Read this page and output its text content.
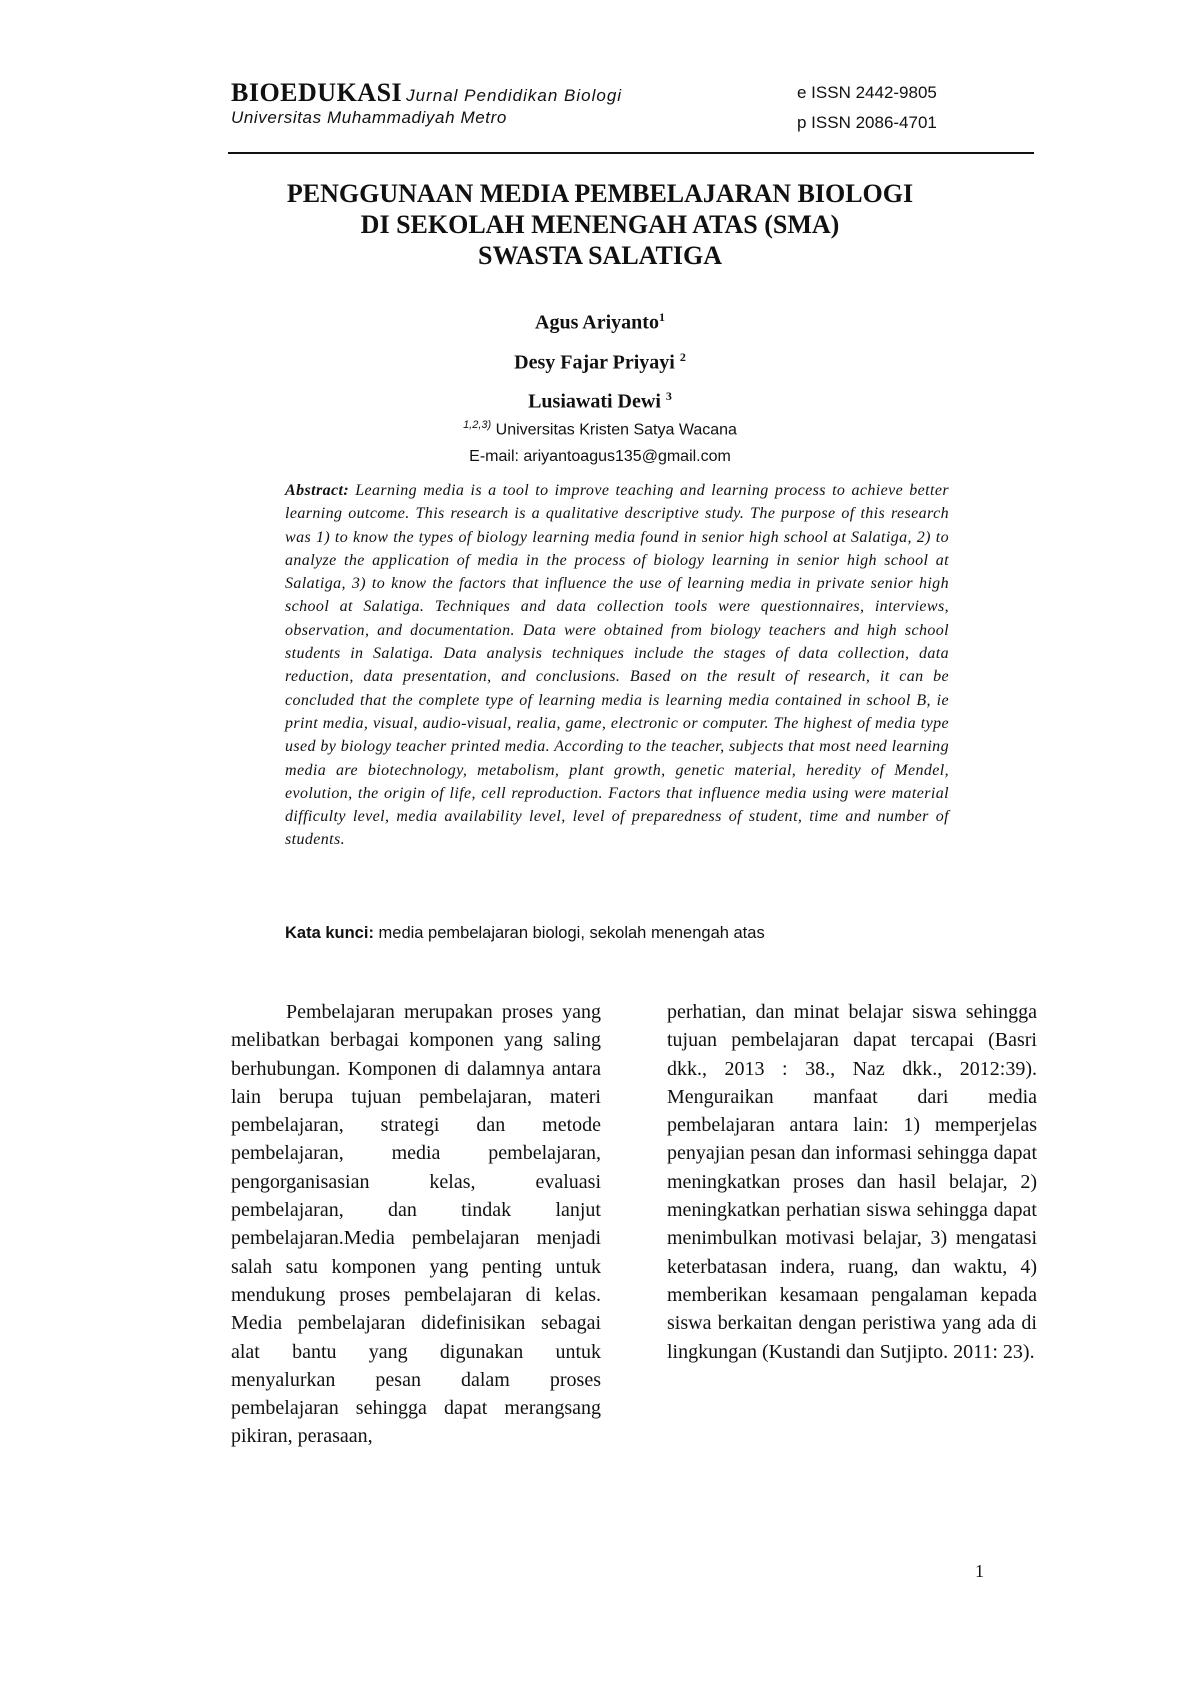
BIOEDUKASI Jurnal Pendidikan Biologi	e ISSN 2442-9805
Universitas Muhammadiyah Metro	p ISSN 2086-4701
PENGGUNAAN MEDIA PEMBELAJARAN BIOLOGI
DI SEKOLAH MENENGAH ATAS (SMA)
SWASTA SALATIGA
Agus Ariyanto$^1$
Desy Fajar Priyayi $^2$
Lusiawati Dewi $^3$
$^{1,2,3)}$ Universitas Kristen Satya Wacana
E-mail: ariyantoagus135@gmail.com
Abstract: Learning media is a tool to improve teaching and learning process to achieve better learning outcome. This research is a qualitative descriptive study. The purpose of this research was 1) to know the types of biology learning media found in senior high school at Salatiga, 2) to analyze the application of media in the process of biology learning in senior high school at Salatiga, 3) to know the factors that influence the use of learning media in private senior high school at Salatiga. Techniques and data collection tools were questionnaires, interviews, observation, and documentation. Data were obtained from biology teachers and high school students in Salatiga. Data analysis techniques include the stages of data collection, data reduction, data presentation, and conclusions. Based on the result of research, it can be concluded that the complete type of learning media is learning media contained in school B, ie print media, visual, audio-visual, realia, game, electronic or computer. The highest of media type used by biology teacher printed media. According to the teacher, subjects that most need learning media are biotechnology, metabolism, plant growth, genetic material, heredity of Mendel, evolution, the origin of life, cell reproduction. Factors that influence media using were material difficulty level, media availability level, level of preparedness of student, time and number of students.
Kata kunci: media pembelajaran biologi, sekolah menengah atas

Pembelajaran merupakan proses yang melibatkan berbagai komponen yang saling berhubungan. Komponen di dalamnya antara lain berupa tujuan pembelajaran, materi pembelajaran, strategi dan metode pembelajaran, media pembelajaran, pengorganisasian kelas, evaluasi pembelajaran, dan tindak lanjut pembelajaran.Media pembelajaran menjadi salah satu komponen yang penting untuk mendukung proses pembelajaran di kelas. Media pembelajaran didefinisikan sebagai alat bantu yang digunakan untuk menyalurkan pesan dalam proses pembelajaran sehingga dapat merangsang pikiran, perasaan,

perhatian, dan minat belajar siswa sehingga tujuan pembelajaran dapat tercapai (Basri dkk., 2013 : 38., Naz dkk., 2012:39). Menguraikan manfaat dari media pembelajaran antara lain: 1) memperjelas penyajian pesan dan informasi sehingga dapat meningkatkan proses dan hasil belajar, 2) meningkatkan perhatian siswa sehingga dapat menimbulkan motivasi belajar, 3) mengatasi keterbatasan indera, ruang, dan waktu, 4) memberikan kesamaan pengalaman kepada siswa berkaitan dengan peristiwa yang ada di lingkungan (Kustandi dan Sutjipto. 2011: 23).

1
